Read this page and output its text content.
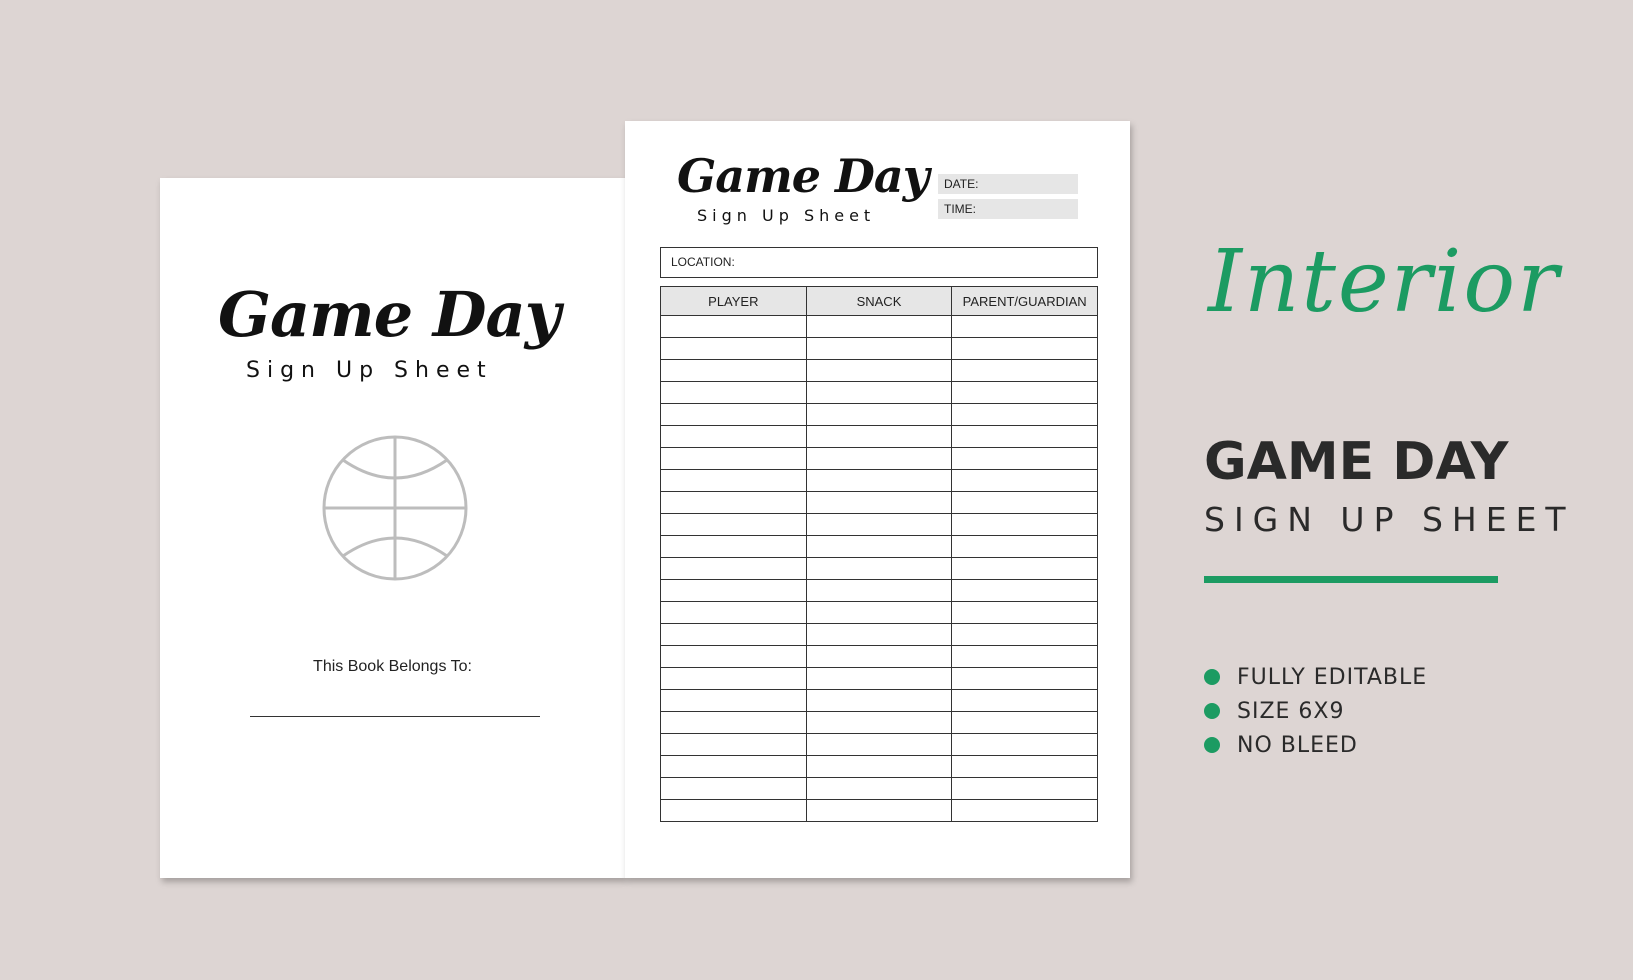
Game Day
Sign Up Sheet
This Book Belongs To:
Game Day
Sign Up Sheet
DATE:
TIME:
LOCATION:
PLAYER	SNACK	PARENT/GUARDIAN

		Interior
GAME DAY
SIGN UP SHEET
FULLY EDITABLE
SIZE 6X9
NO BLEED
